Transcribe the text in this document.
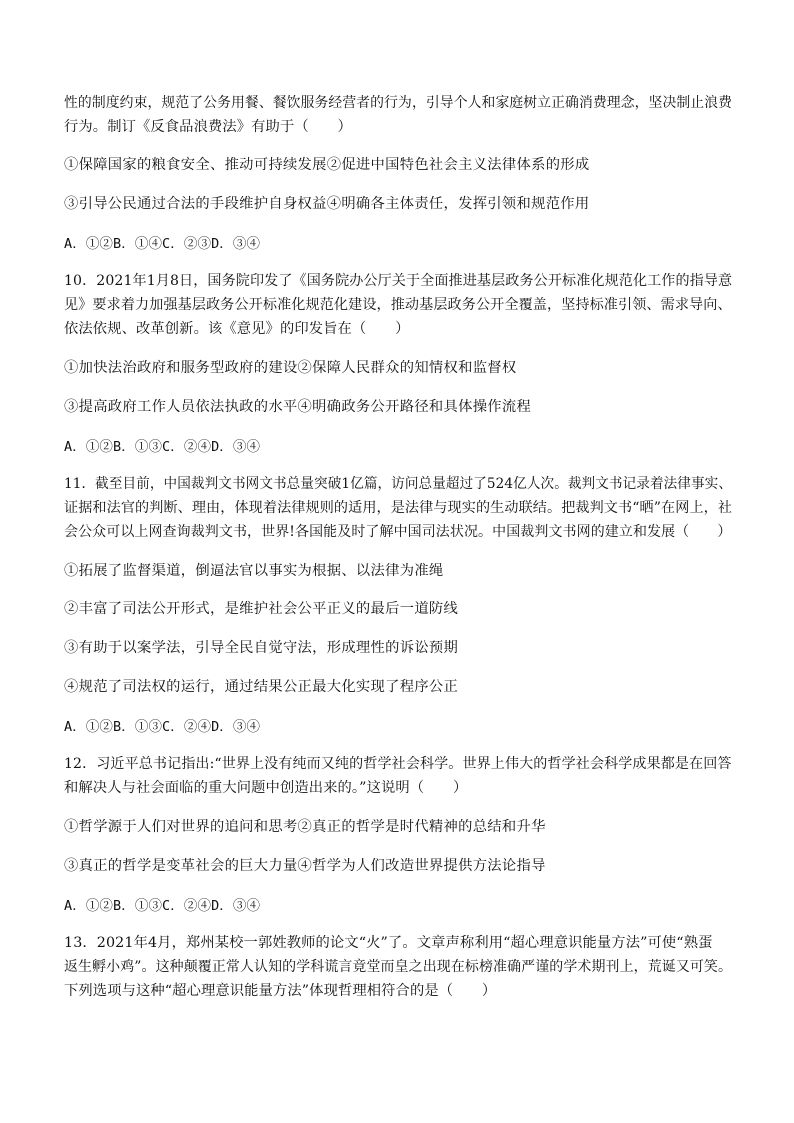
性的制度约束，规范了公务用餐、餐饮服务经营者的行为，引导个人和家庭树立正确消费理念，坚决制止浪费
行为。制订《反食品浪费法》有助于（　　）
①保障国家的粮食安全、推动可持续发展②促进中国特色社会主义法律体系的形成
③引导公民通过合法的手段维护自身权益④明确各主体责任，发挥引领和规范作用
A．①②B．①④C．②③D．③④
10．2021年1月8日，国务院印发了《国务院办公厅关于全面推进基层政务公开标准化规范化工作的指导意
见》要求着力加强基层政务公开标准化规范化建设，推动基层政务公开全覆盖，坚持标准引领、需求导向、
依法依规、改革创新。该《意见》的印发旨在（　　）
①加快法治政府和服务型政府的建设②保障人民群众的知情权和监督权
③提高政府工作人员依法执政的水平④明确政务公开路径和具体操作流程
A．①②B．①③C．②④D．③④
11．截至目前，中国裁判文书网文书总量突破1亿篇，访问总量超过了524亿人次。裁判文书记录着法律事实、
证据和法官的判断、理由，体现着法律规则的适用，是法律与现实的生动联结。把裁判文书“晒”在网上，社
会公众可以上网查询裁判文书，世界!各国能及时了解中国司法状况。中国裁判文书网的建立和发展（　　）
①拓展了监督渠道，倒逼法官以事实为根据、以法律为准绳
②丰富了司法公开形式，是维护社会公平正义的最后一道防线
③有助于以案学法，引导全民自觉守法，形成理性的诉讼预期
④规范了司法权的运行，通过结果公正最大化实现了程序公正
A．①②B．①③C．②④D．③④
12．习近平总书记指出:“世界上没有纯而又纯的哲学社会科学。世界上伟大的哲学社会科学成果都是在回答
和解决人与社会面临的重大问题中创造出来的。”这说明（　　）
①哲学源于人们对世界的追问和思考②真正的哲学是时代精神的总结和升华
③真正的哲学是变革社会的巨大力量④哲学为人们改造世界提供方法论指导
A．①②B．①③C．②④D．③④
13．2021年4月，郑州某校一郭姓教师的论文“火”了。文章声称利用“超心理意识能量方法”可使“熟蛋
返生孵小鸡”。这种颠覆正常人认知的学科谎言竟堂而皇之出现在标榜准确严谨的学术期刊上，荒诞又可笑。
下列选项与这种“超心理意识能量方法”体现哲理相符合的是（　　）
